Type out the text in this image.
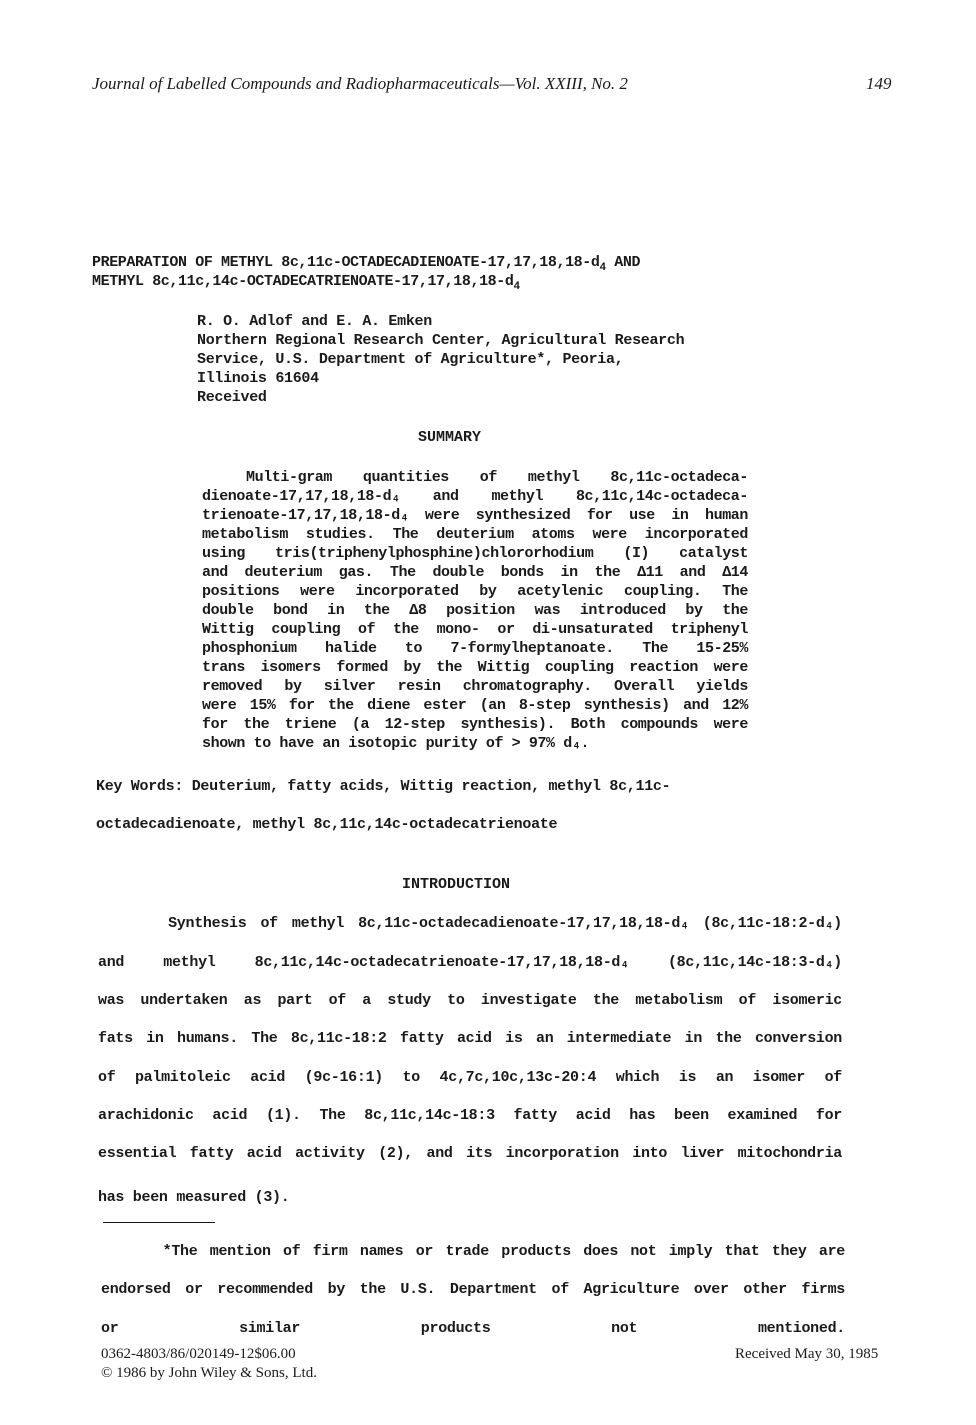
Journal of Labelled Compounds and Radiopharmaceuticals—Vol. XXIII, No. 2	149
PREPARATION OF METHYL $8c,11c-OCTADECADIENOATE-17,17,18,18-d_4$ AND
METHYL $8c,11c,14c-OCTADECATRIENOATE-17,17,18,18-d_4$
R. O. Adlof and E. A. Emken
Northern Regional Research Center, Agricultural Research
Service, U.S. Department of Agriculture*, Peoria,
Illinois 61604
Received
SUMMARY
Multi-gram quantities of methyl 8c,11c-octadeca-
dienoate-17,17,18,18-d₄ and methyl 8c,11c,14c-octadeca-
trienoate-17,17,18,18-d₄ were synthesized for use in human
metabolism studies. The deuterium atoms were incorporated
using tris(triphenylphosphine)chlororhodium (I) catalyst
and deuterium gas. The double bonds in the Δ11 and Δ14
positions were incorporated by acetylenic coupling. The
double bond in the Δ8 position was introduced by the
Wittig coupling of the mono- or di-unsaturated triphenyl
phosphonium halide to 7-formylheptanoate. The 15-25%
trans isomers formed by the Wittig coupling reaction were
removed by silver resin chromatography. Overall yields
were 15% for the diene ester (an 8-step synthesis) and 12%
for the triene (a 12-step synthesis). Both compounds were
shown to have an isotopic purity of > 97% d₄.
Key Words: Deuterium, fatty acids, Wittig reaction, methyl 8c,11c-
octadecadienoate, methyl 8c,11c,14c-octadecatrienoate
INTRODUCTION
Synthesis of methyl 8c,11c-octadecadienoate-17,17,18,18-d₄ (8c,11c-18:2-d₄)
and  methyl  8c,11c,14c-octadecatrienoate-17,17,18,18-d₄  (8c,11c,14c-18:3-d₄)
was undertaken as part of a study to investigate the metabolism of isomeric
fats in humans. The 8c,11c-18:2 fatty acid is an intermediate in the conversion
of palmitoleic acid (9c-16:1) to 4c,7c,10c,13c-20:4 which is an isomer of
arachidonic acid (1). The 8c,11c,14c-18:3 fatty acid has been examined for
essential fatty acid activity (2), and its incorporation into liver mitochondria
has been measured (3).
*The mention of firm names or trade products does not imply that they are
endorsed or recommended by the U.S. Department of Agriculture over other firms
or similar products not mentioned.
0362-4803/86/020149-12$06.00
© 1986 by John Wiley & Sons, Ltd.
Received May 30, 1985
